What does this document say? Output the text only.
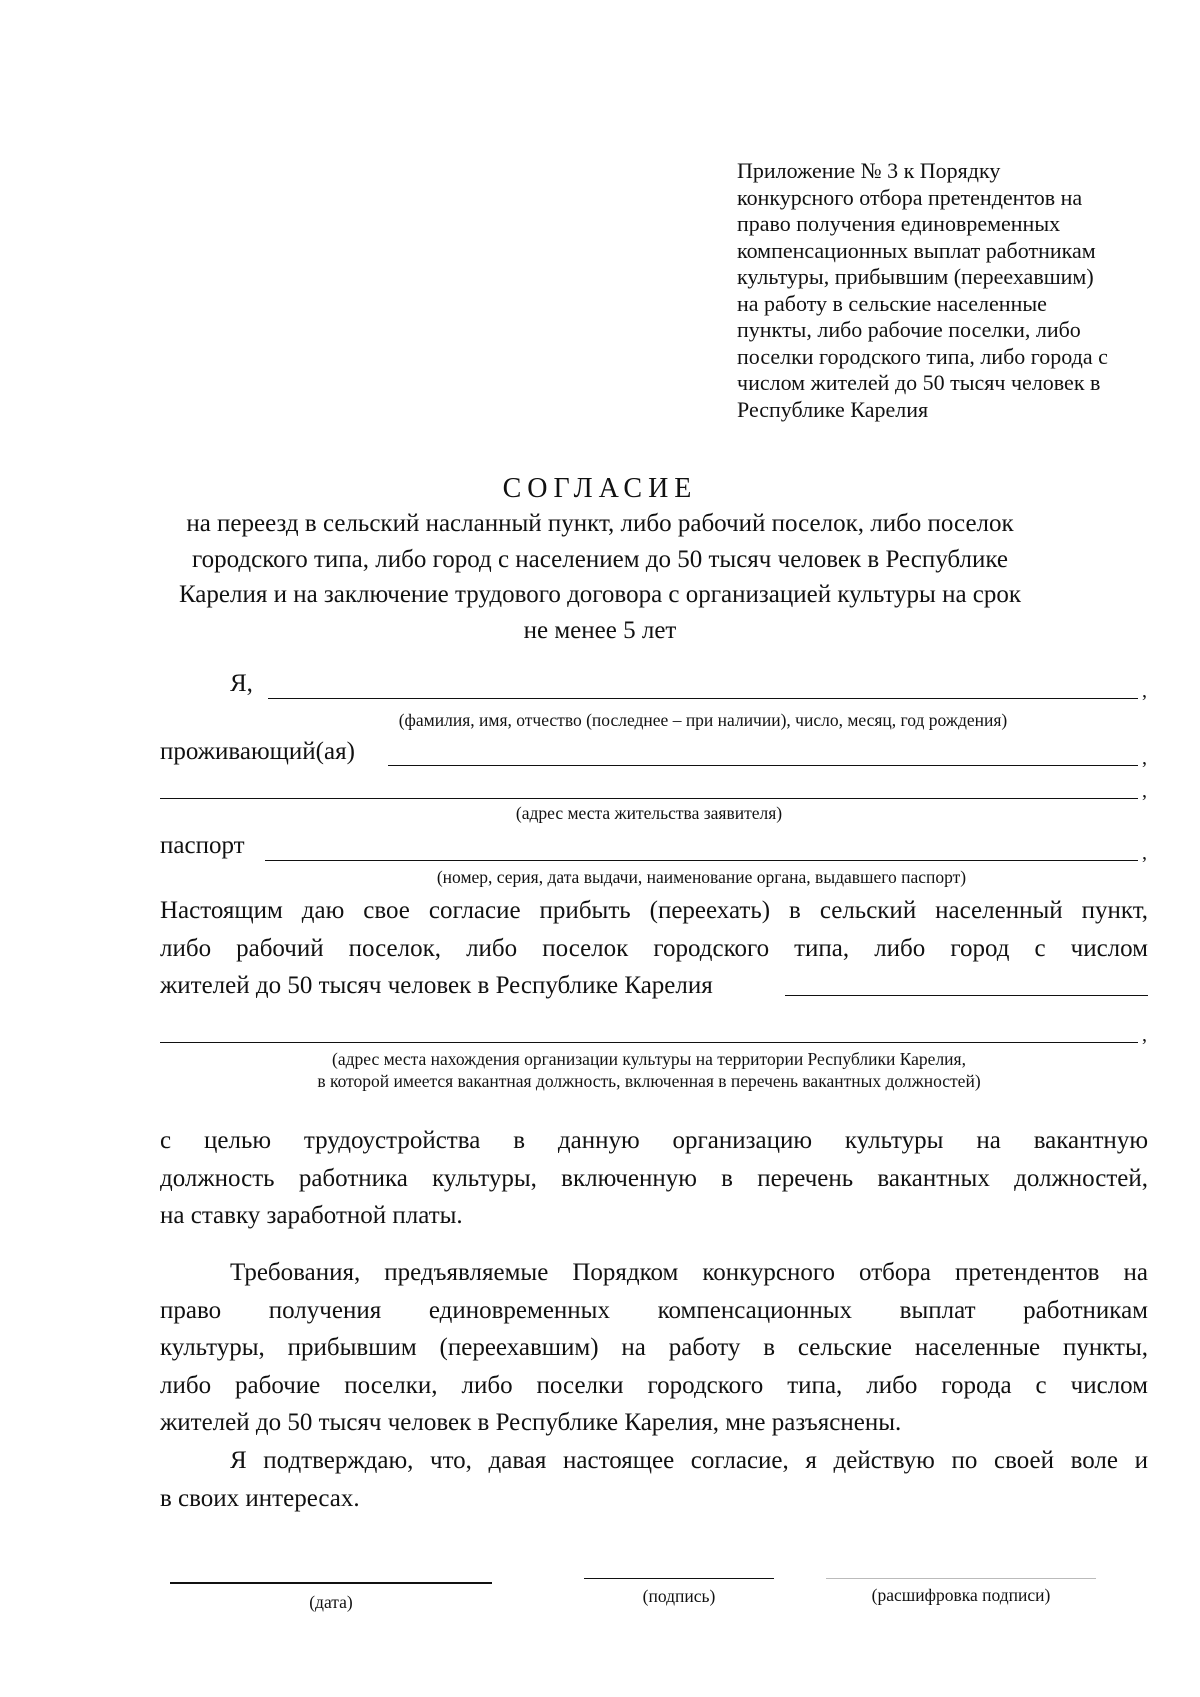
Приложение № 3 к Порядку
конкурсного отбора претендентов на
право получения единовременных
компенсационных выплат работникам
культуры, прибывшим (переехавшим)
на работу в сельские населенные
пункты, либо рабочие поселки, либо
поселки городского типа, либо города с
числом жителей до 50 тысяч человек в
Республике Карелия
СОГЛАСИЕ
на переезд в сельский насланный пункт, либо рабочий поселок, либо поселок
городского типа, либо город с населением до 50 тысяч человек в Республике
Карелия и на заключение трудового договора с организацией культуры на срок
не менее 5 лет
Я,	,
(фамилия, имя, отчество (последнее – при наличии), число, месяц, год рождения)
проживающий(ая)	,
,
(адрес места жительства заявителя)
паспорт	,
(номер, серия, дата выдачи, наименование органа, выдавшего паспорт)
Настоящим даю свое согласие прибыть (переехать) в сельский населенный пункт,
либо рабочий поселок, либо поселок городского типа, либо город с числом
жителей до 50 тысяч человек в Республике Карелия
,
(адрес места нахождения организации культуры на территории Республики Карелия,
в которой имеется вакантная должность, включенная в перечень вакантных должностей)
с целью трудоустройства в данную организацию культуры на вакантную
должность работника культуры, включенную в перечень вакантных должностей,
на ставку заработной платы.
Требования, предъявляемые Порядком конкурсного отбора претендентов на
право получения единовременных компенсационных выплат работникам
культуры, прибывшим (переехавшим) на работу в сельские населенные пункты,
либо рабочие поселки, либо поселки городского типа, либо города с числом
жителей до 50 тысяч человек в Республике Карелия, мне разъяснены.
Я подтверждаю, что, давая настоящее согласие, я действую по своей воле и
в своих интересах.
(дата)	(подпись)	(расшифровка подписи)
